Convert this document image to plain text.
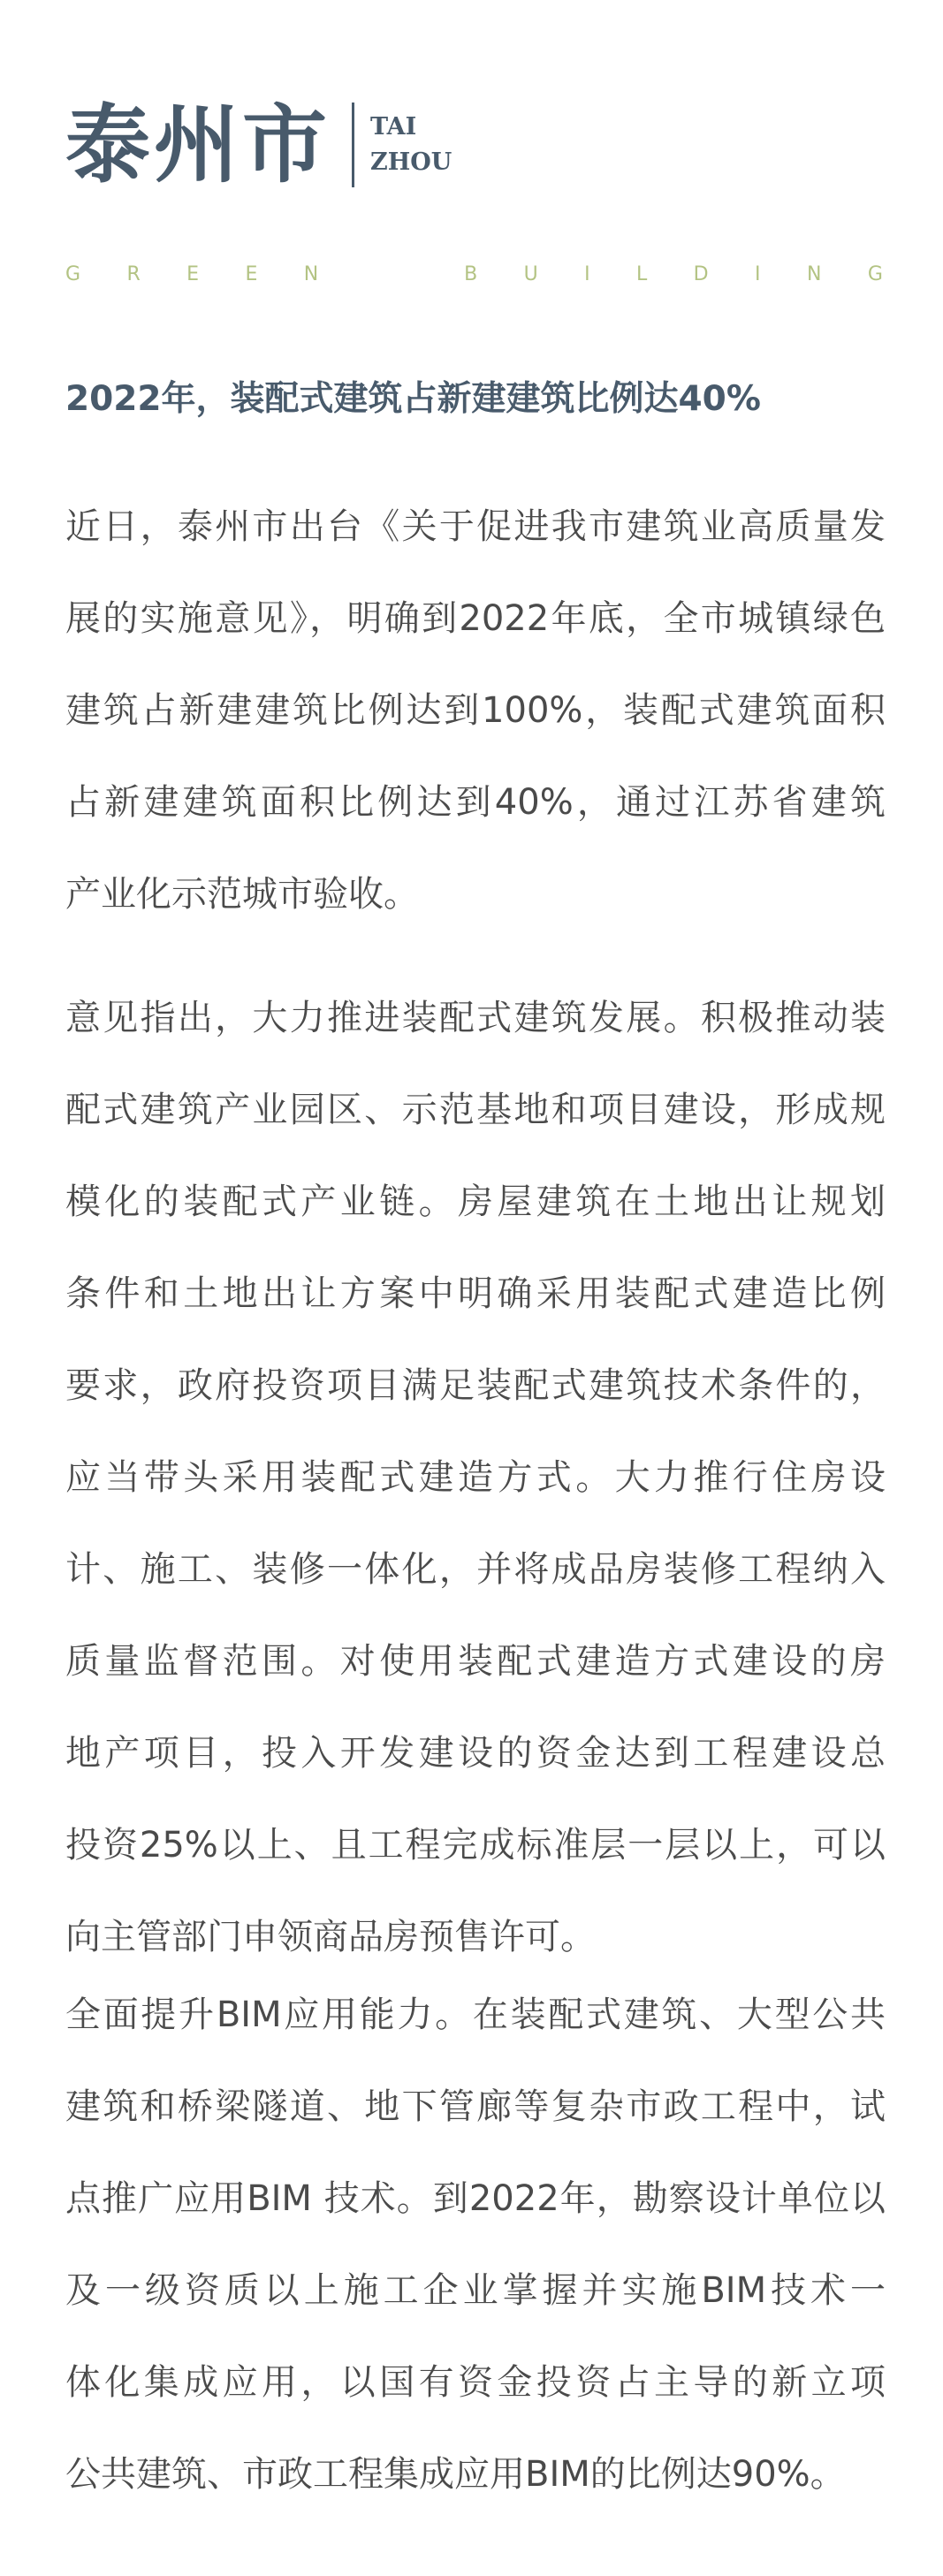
泰州市 TAI
ZHOU
G R E E N	B U I L D I N G
2022年，装配式建筑占新建建筑比例达40%
近日，泰州市出台《关于促进我市建筑业高质量发
展的实施意见》，明确到2022年底，全市城镇绿色
建筑占新建建筑比例达到100%，装配式建筑面积
占新建建筑面积比例达到40%，通过江苏省建筑
产业化示范城市验收。
意见指出，大力推进装配式建筑发展。积极推动装
配式建筑产业园区、示范基地和项目建设，形成规
模化的装配式产业链。房屋建筑在土地出让规划
条件和土地出让方案中明确采用装配式建造比例
要求，政府投资项目满足装配式建筑技术条件的，
应当带头采用装配式建造方式。大力推行住房设
计、施工、装修一体化，并将成品房装修工程纳入
质量监督范围。对使用装配式建造方式建设的房
地产项目，投入开发建设的资金达到工程建设总
投资25%以上、且工程完成标准层一层以上，可以
向主管部门申领商品房预售许可。
全面提升BIM应用能力。在装配式建筑、大型公共
建筑和桥梁隧道、地下管廊等复杂市政工程中，试
点推广应用BIM 技术。到2022年，勘察设计单位以
及一级资质以上施工企业掌握并实施BIM技术一
体化集成应用，以国有资金投资占主导的新立项
公共建筑、市政工程集成应用BIM的比例达90%。
